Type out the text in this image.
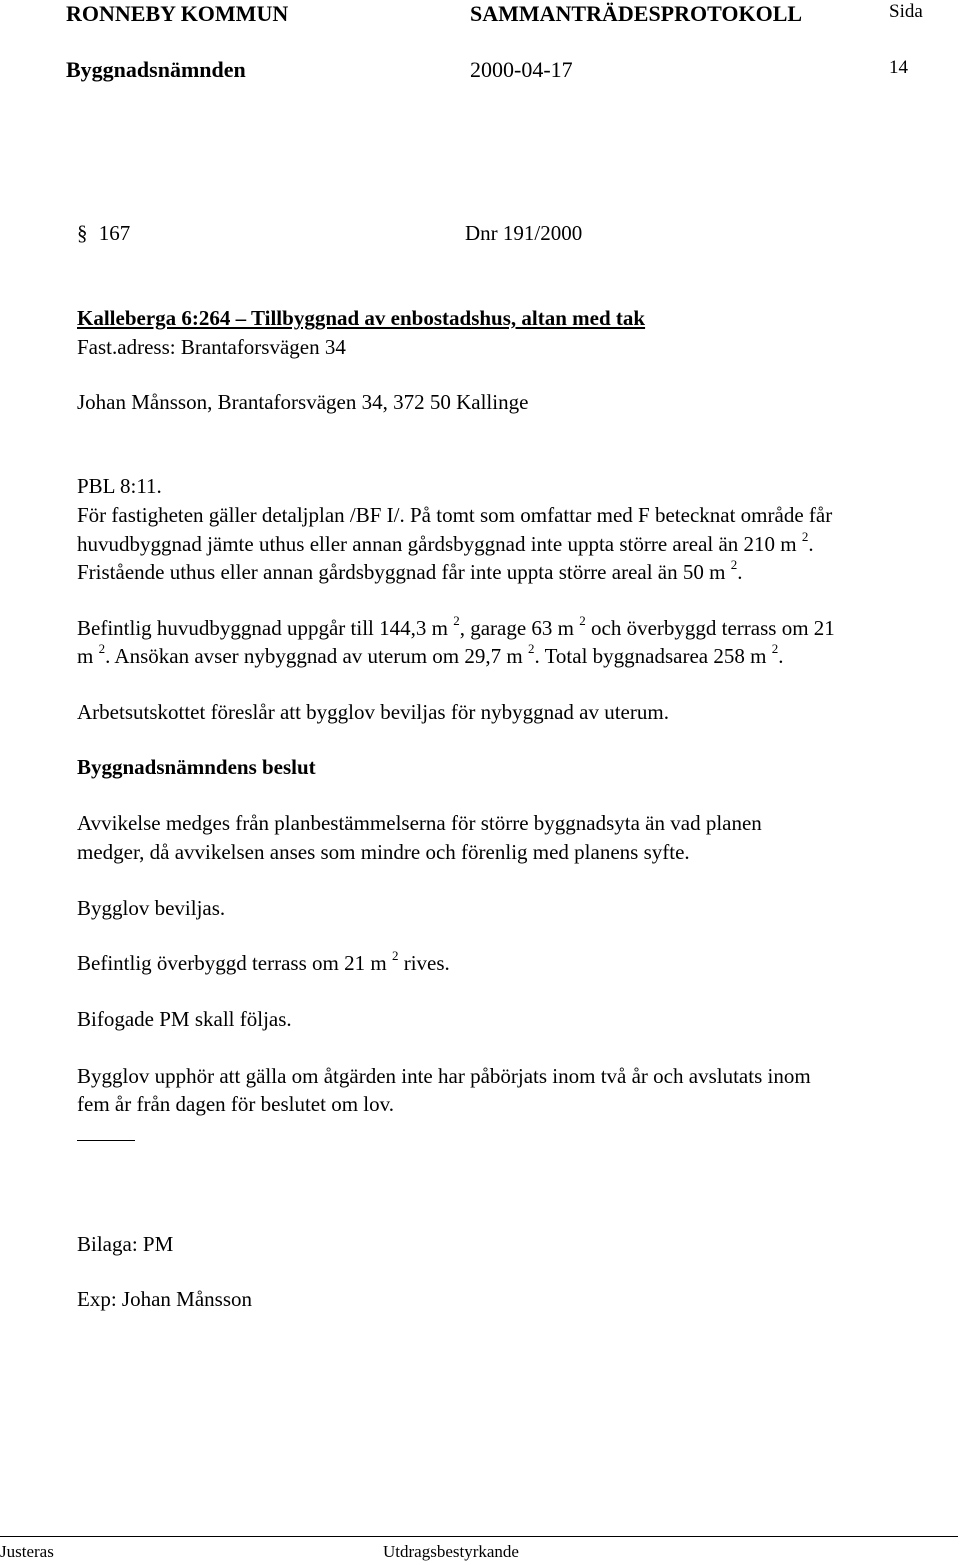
RONNEBY KOMMUN	SAMMANTRÄDESPROTOKOLL	Sida
Byggnadsnämnden	2000-04-17	14
§ 167	Dnr 191/2000
Kalleberga 6:264 – Tillbyggnad av enbostadshus, altan med tak
Fast.adress: Brantaforsvägen 34
Johan Månsson, Brantaforsvägen 34, 372 50 Kallinge
PBL 8:11.
För fastigheten gäller detaljplan /BF I/. På tomt som omfattar med F betecknat område får
huvudbyggnad jämte uthus eller annan gårdsbyggnad inte uppta större areal än 210 m $^2$.
Fristående uthus eller annan gårdsbyggnad får inte uppta större areal än 50 m $^2$.
Befintlig huvudbyggnad uppgår till 144,3 m $^2$, garage 63 m $^2$ och överbyggd terrass om 21
m $^2$. Ansökan avser nybyggnad av uterum om 29,7 m $^2$. Total byggnadsarea 258 m $^2$.
Arbetsutskottet föreslår att bygglov beviljas för nybyggnad av uterum.
Byggnadsnämndens beslut
Avvikelse medges från planbestämmelserna för större byggnadsyta än vad planen
medger, då avvikelsen anses som mindre och förenlig med planens syfte.
Bygglov beviljas.
Befintlig överbyggd terrass om 21 m $^2$ rives.
Bifogade PM skall följas.
Bygglov upphör att gälla om åtgärden inte har påbörjats inom två år och avslutats inom
fem år från dagen för beslutet om lov.
Bilaga: PM
Exp: Johan Månsson
Justeras	Utdragsbestyrkande
